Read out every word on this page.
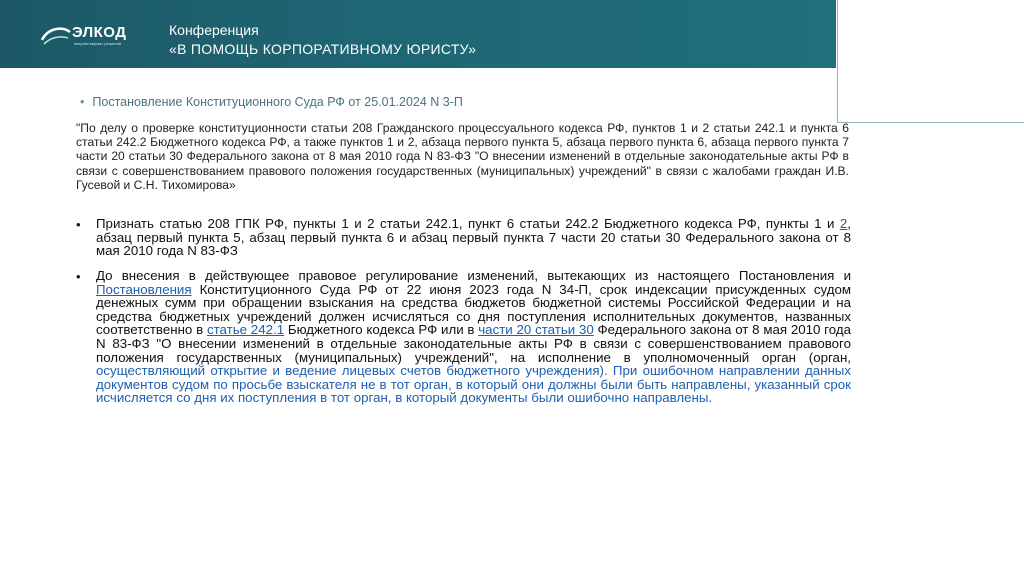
ЭЛКОД
энергия верных решений
Конференция
«В ПОМОЩЬ КОРПОРАТИВНОМУ ЮРИСТУ»
• Постановление Конституционного Суда РФ от 25.01.2024 N 3-П
"По делу о проверке конституционности статьи 208 Гражданского процессуального кодекса РФ, пунктов 1 и 2 статьи 242.1 и пункта 6 статьи 242.2 Бюджетного кодекса РФ, а также пунктов 1 и 2, абзаца первого пункта 5, абзаца первого пункта 6, абзаца первого пункта 7 части 20 статьи 30 Федерального закона от 8 мая 2010 года N 83-ФЗ "О внесении изменений в отдельные законодательные акты РФ в связи с совершенствованием правового положения государственных (муниципальных) учреждений" в связи с жалобами граждан И.В. Гусевой и С.Н. Тихомирова»
• Признать статью 208 ГПК РФ, пункты 1 и 2 статьи 242.1, пункт 6 статьи 242.2 Бюджетного кодекса РФ, пункты 1 и 2, абзац первый пункта 5, абзац первый пункта 6 и абзац первый пункта 7 части 20 статьи 30 Федерального закона от 8 мая 2010 года N 83-ФЗ
• До внесения в действующее правовое регулирование изменений, вытекающих из настоящего Постановления и Постановления Конституционного Суда РФ от 22 июня 2023 года N 34-П, срок индексации присужденных судом денежных сумм при обращении взыскания на средства бюджетов бюджетной системы Российской Федерации и на средства бюджетных учреждений должен исчисляться со дня поступления исполнительных документов, названных соответственно в статье 242.1 Бюджетного кодекса РФ или в части 20 статьи 30 Федерального закона от 8 мая 2010 года N 83-ФЗ "О внесении изменений в отдельные законодательные акты РФ в связи с совершенствованием правового положения государственных (муниципальных) учреждений", на исполнение в уполномоченный орган (орган, осуществляющий открытие и ведение лицевых счетов бюджетного учреждения). При ошибочном направлении данных документов судом по просьбе взыскателя не в тот орган, в который они должны были быть направлены, указанный срок исчисляется со дня их поступления в тот орган, в который документы были ошибочно направлены.
